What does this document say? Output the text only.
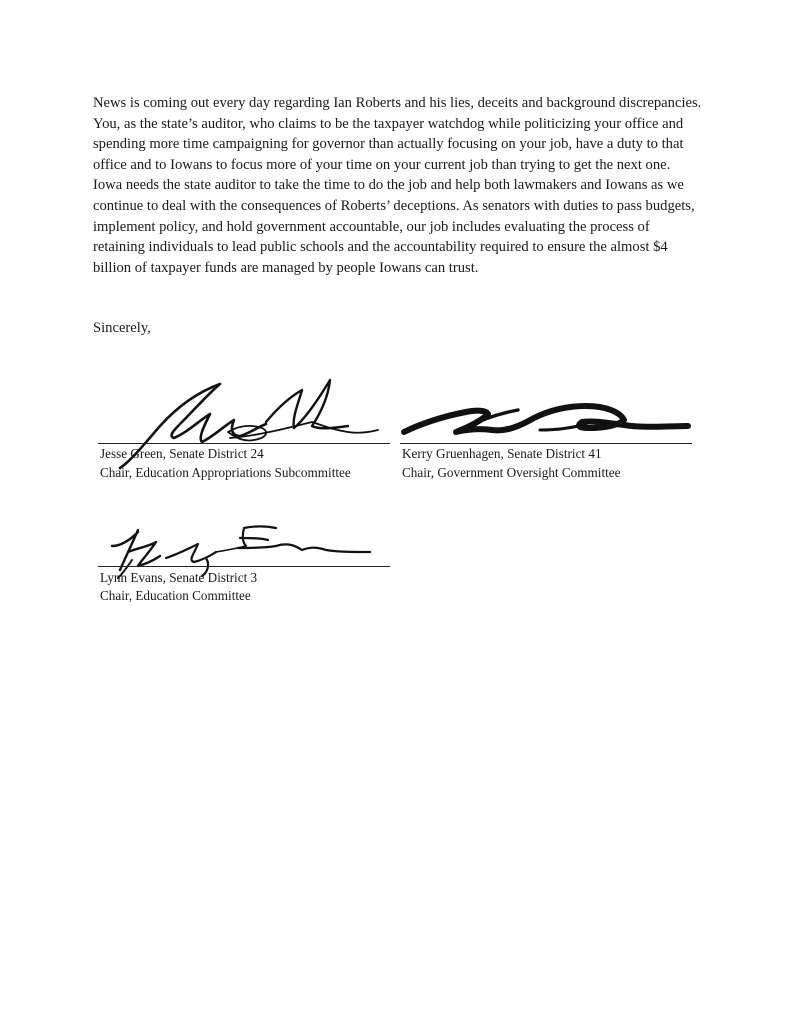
News is coming out every day regarding Ian Roberts and his lies, deceits and background discrepancies. You, as the state’s auditor, who claims to be the taxpayer watchdog while politicizing your office and spending more time campaigning for governor than actually focusing on your job, have a duty to that office and to Iowans to focus more of your time on your current job than trying to get the next one. Iowa needs the state auditor to take the time to do the job and help both lawmakers and Iowans as we continue to deal with the consequences of Roberts’ deceptions. As senators with duties to pass budgets, implement policy, and hold government accountable, our job includes evaluating the process of retaining individuals to lead public schools and the accountability required to ensure the almost $4 billion of taxpayer funds are managed by people Iowans can trust.

Sincerely,

Jesse Green, Senate District 24

Chair, Education Appropriations Subcommittee

Kerry Gruenhagen, Senate District 41

Chair, Government Oversight Committee

Lynn Evans, Senate District 3

Chair, Education Committee
